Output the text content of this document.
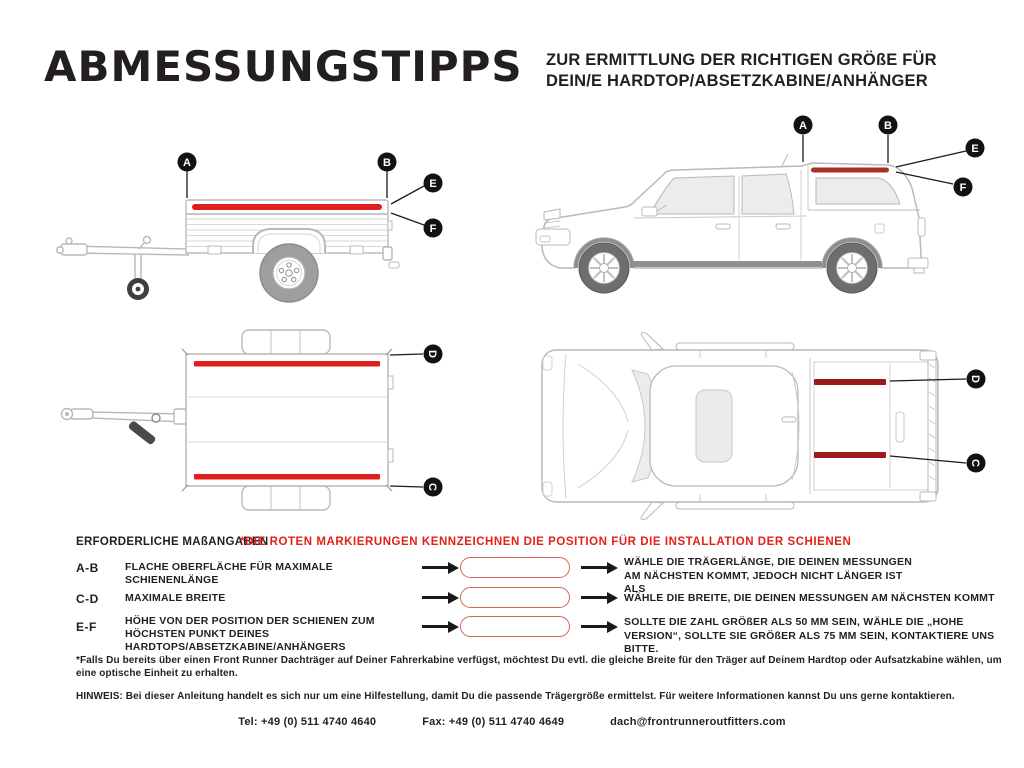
ABMESSUNGSTIPPS ZUR ERMITTLUNG DER RICHTIGEN GRÖßE FÜR
DEIN/E HARDTOP/ABSETZKABINE/ANHÄNGER
A	B
E
F
A	B
E
F
D
C
D
C
ERFORDERLICHE MAßANGABEN
*DIE ROTEN MARKIERUNGEN KENNZEICHNEN DIE POSITION FÜR DIE INSTALLATION DER SCHIENEN
A-B FLACHE OBERFLÄCHE FÜR MAXIMALE SCHIENENLÄNGE
WÄHLE DIE TRÄGERLÄNGE, DIE DEINEN MESSUNGEN AM NÄCHSTEN KOMMT, JEDOCH NICHT LÄNGER IST ALS
C-D MAXIMALE BREITE	WÄHLE DIE BREITE, DIE DEINEN MESSUNGEN AM NÄCHSTEN KOMMT
E-F	HÖHE VON DER POSITION DER SCHIENEN ZUM HÖCHSTEN PUNKT DEINES HARDTOPS/ABSETZKABINE/ANHÄNGERS
SOLLTE DIE ZAHL GRÖßER ALS 50 MM SEIN, WÄHLE DIE „HOHE VERSION“, SOLLTE SIE GRÖßER ALS 75 MM SEIN, KONTAKTIERE UNS BITTE.
*Falls Du bereits über einen Front Runner Dachträger auf Deiner Fahrerkabine verfügst, möchtest Du evtl. die gleiche Breite für den Träger auf Deinem Hardtop oder Aufsatzkabine wählen, um eine optische Einheit zu erhalten.
HINWEIS: Bei dieser Anleitung handelt es sich nur um eine Hilfestellung, damit Du die passende Trägergröße ermittelst. Für weitere Informationen kannst Du uns gerne kontaktieren.
Tel: +49 (0) 511 4740 4640	Fax: +49 (0) 511 4740 4649	dach@frontrunneroutfitters.com
